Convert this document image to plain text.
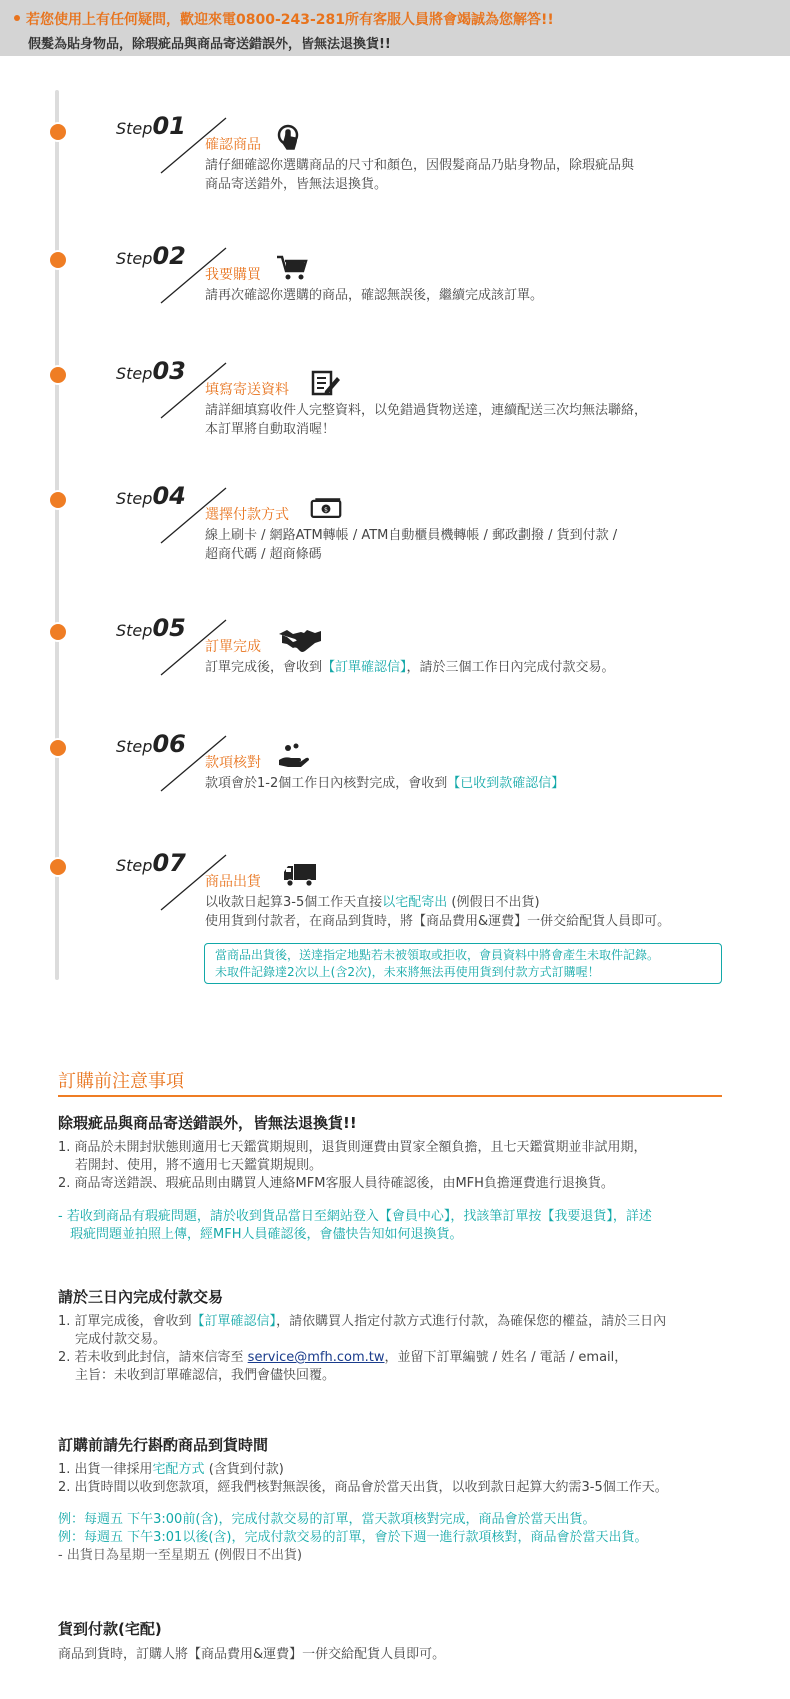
若您使用上有任何疑問，歡迎來電0800-243-281所有客服人員將會竭誠為您解答!!
假髮為貼身物品，除瑕疵品與商品寄送錯誤外，皆無法退換貨!!
Step01
確認商品
請仔細確認你選購商品的尺寸和顏色，因假髮商品乃貼身物品，除瑕疵品與
商品寄送錯外，皆無法退換貨。
Step02
我要購買
請再次確認你選購的商品，確認無誤後，繼續完成該訂單。
Step03
填寫寄送資料
請詳細填寫收件人完整資料，以免錯過貨物送達，連續配送三次均無法聯絡，
本訂單將自動取消喔！
Step04
選擇付款方式	$
線上刷卡 / 網路ATM轉帳 / ATM自動櫃員機轉帳 / 郵政劃撥 / 貨到付款 /
超商代碼 / 超商條碼
Step05
訂單完成
訂單完成後，會收到【訂單確認信】，請於三個工作日內完成付款交易。
Step06
款項核對
款項會於1-2個工作日內核對完成，會收到【已收到款確認信】
Step07
商品出貨
以收款日起算3-5個工作天直接以宅配寄出 (例假日不出貨)
使用貨到付款者，在商品到貨時，將【商品費用&運費】一併交給配貨人員即可。
當商品出貨後，送達指定地點若未被領取或拒收，會員資料中將會產生未取件記錄。
未取件記錄達2次以上(含2次)，未來將無法再使用貨到付款方式訂購喔！
訂購前注意事項
除瑕疵品與商品寄送錯誤外，皆無法退換貨!!
1. 商品於未開封狀態則適用七天鑑賞期規則，退貨則運費由買家全額負擔，且七天鑑賞期並非試用期，
若開封、使用，將不適用七天鑑賞期規則。
2. 商品寄送錯誤、瑕疵品則由購買人連絡MFM客服人員待確認後，由MFH負擔運費進行退換貨。
- 若收到商品有瑕疵問題，請於收到貨品當日至網站登入【會員中心】，找該筆訂單按【我要退貨】，詳述
瑕疵問題並拍照上傳，經MFH人員確認後，會儘快告知如何退換貨。
請於三日內完成付款交易
1. 訂單完成後，會收到【訂單確認信】，請依購買人指定付款方式進行付款，為確保您的權益，請於三日內
完成付款交易。
2. 若未收到此封信，請來信寄至 service@mfh.com.tw，並留下訂單編號 / 姓名 / 電話 / email，
主旨：未收到訂單確認信，我們會儘快回覆。
訂購前請先行斟酌商品到貨時間
1. 出貨一律採用宅配方式 (含貨到付款)
2. 出貨時間以收到您款項，經我們核對無誤後，商品會於當天出貨，以收到款日起算大約需3-5個工作天。
例：每週五 下午3:00前(含)，完成付款交易的訂單，當天款項核對完成，商品會於當天出貨。
例：每週五 下午3:01以後(含)，完成付款交易的訂單，會於下週一進行款項核對，商品會於當天出貨。
- 出貨日為星期一至星期五 (例假日不出貨)
貨到付款(宅配)
商品到貨時，訂購人將【商品費用&運費】一併交給配貨人員即可。
